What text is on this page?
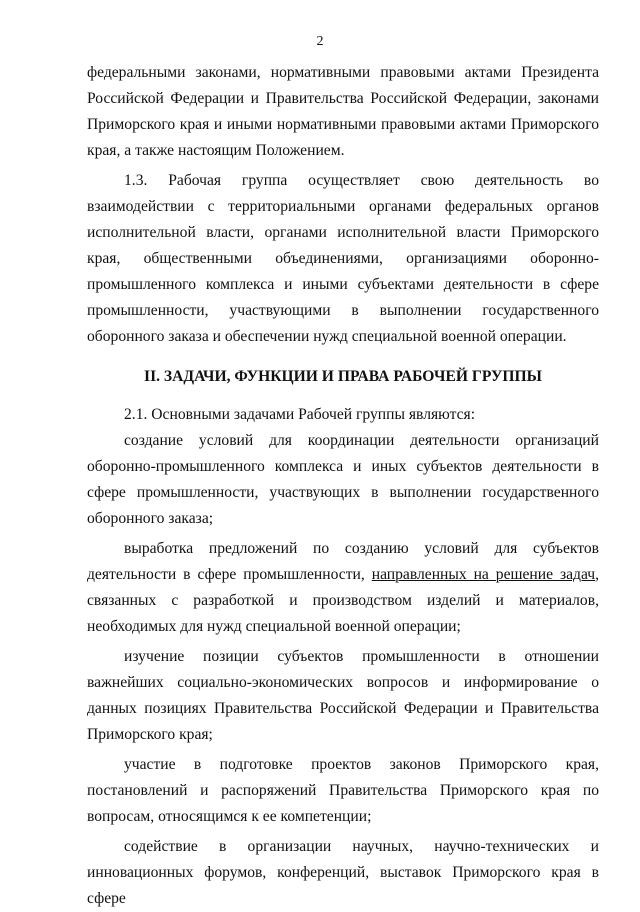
2

федеральными законами, нормативными правовыми актами Президента Российской Федерации и Правительства Российской Федерации, законами Приморского края и иными нормативными правовыми актами Приморского края, а также настоящим Положением.

1.3. Рабочая группа осуществляет свою деятельность во взаимодействии с территориальными органами федеральных органов исполнительной власти, органами исполнительной власти Приморского края, общественными объединениями, организациями оборонно-промышленного комплекса и иными субъектами деятельности в сфере промышленности, участвующими в выполнении государственного оборонного заказа и обеспечении нужд специальной военной операции.

II. ЗАДАЧИ, ФУНКЦИИ И ПРАВА РАБОЧЕЙ ГРУППЫ

2.1. Основными задачами Рабочей группы являются:

создание условий для координации деятельности организаций оборонно-промышленного комплекса и иных субъектов деятельности в сфере промышленности, участвующих в выполнении государственного оборонного заказа;

выработка предложений по созданию условий для субъектов деятельности в сфере промышленности, направленных на решение задач, связанных с разработкой и производством изделий и материалов, необходимых для нужд специальной военной операции;

изучение позиции субъектов промышленности в отношении важнейших социально-экономических вопросов и информирование о данных позициях Правительства Российской Федерации и Правительства Приморского края;

участие в подготовке проектов законов Приморского края, постановлений и распоряжений Правительства Приморского края по вопросам, относящимся к ее компетенции;

содействие в организации научных, научно-технических и инновационных форумов, конференций, выставок Приморского края в сфере
